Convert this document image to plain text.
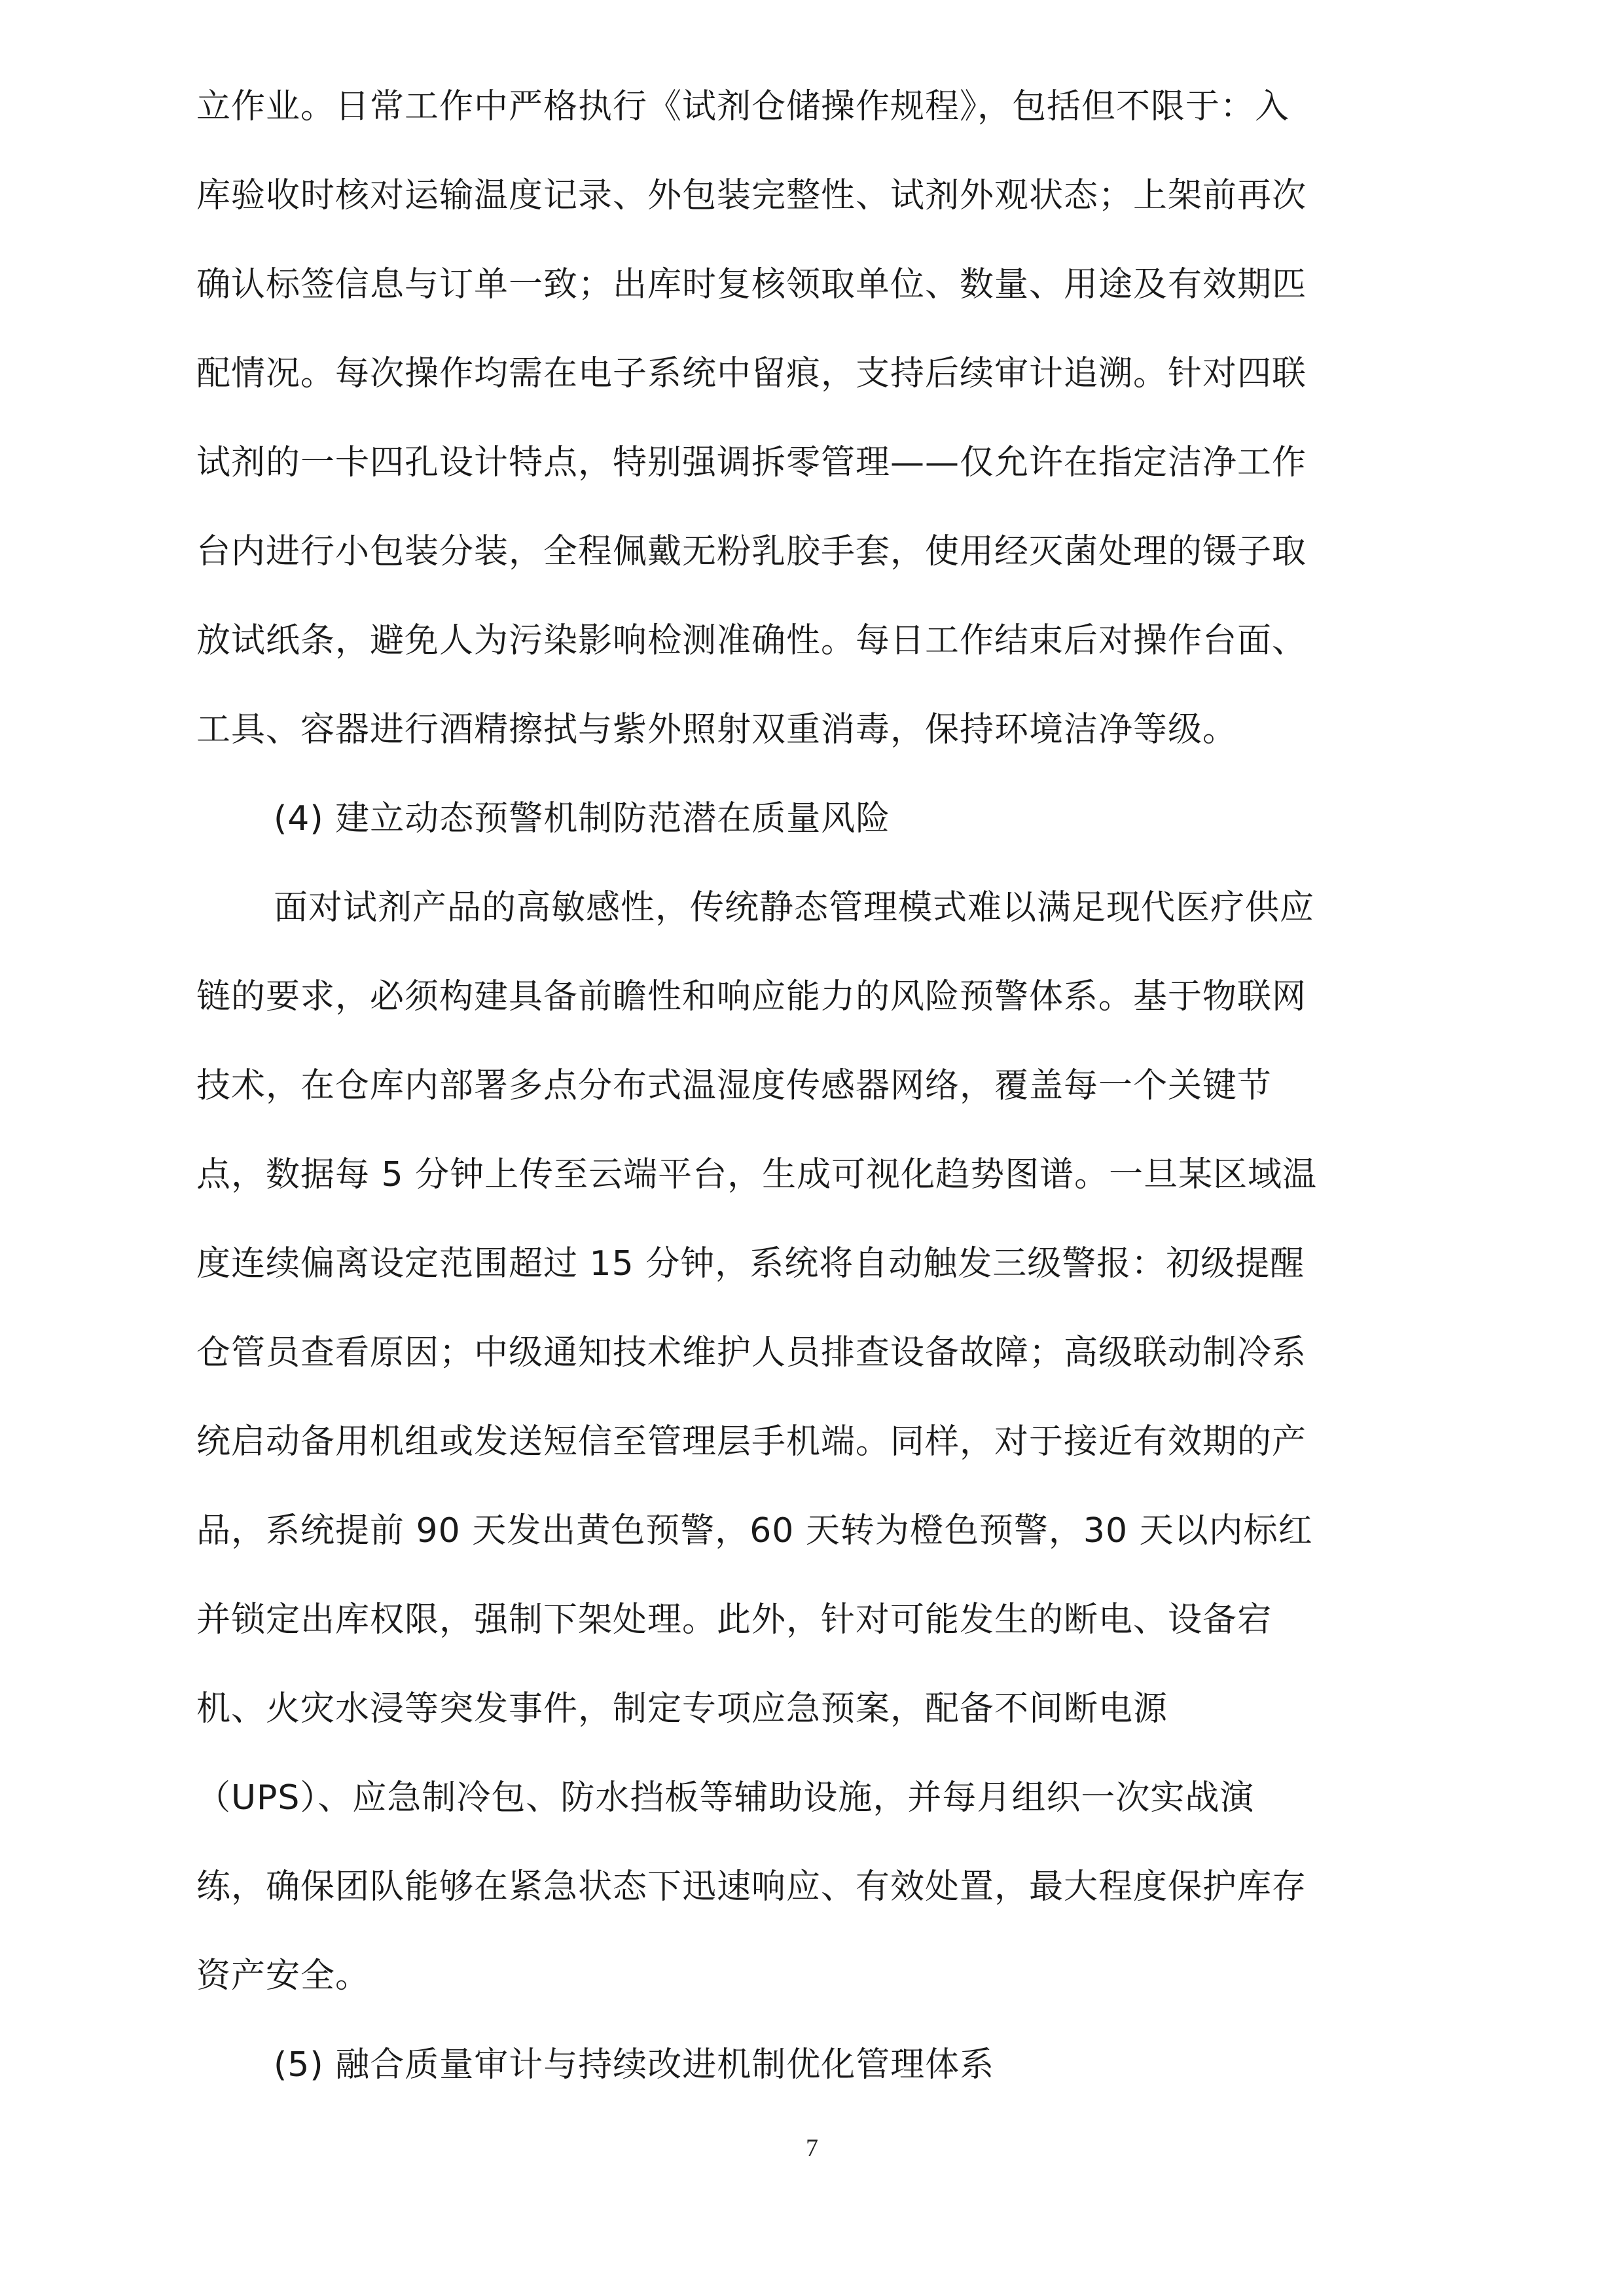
立作业。日常工作中严格执行《试剂仓储操作规程》，包括但不限于：入
库验收时核对运输温度记录、外包装完整性、试剂外观状态；上架前再次
确认标签信息与订单一致；出库时复核领取单位、数量、用途及有效期匹
配情况。每次操作均需在电子系统中留痕，支持后续审计追溯。针对四联
试剂的一卡四孔设计特点，特别强调拆零管理——仅允许在指定洁净工作
台内进行小包装分装，全程佩戴无粉乳胶手套，使用经灭菌处理的镊子取
放试纸条，避免人为污染影响检测准确性。每日工作结束后对操作台面、
工具、容器进行酒精擦拭与紫外照射双重消毒，保持环境洁净等级。
(4) 建立动态预警机制防范潜在质量风险
面对试剂产品的高敏感性，传统静态管理模式难以满足现代医疗供应
链的要求，必须构建具备前瞻性和响应能力的风险预警体系。基于物联网
技术，在仓库内部署多点分布式温湿度传感器网络，覆盖每一个关键节
点，数据每 5 分钟上传至云端平台，生成可视化趋势图谱。一旦某区域温
度连续偏离设定范围超过 15 分钟，系统将自动触发三级警报：初级提醒
仓管员查看原因；中级通知技术维护人员排查设备故障；高级联动制冷系
统启动备用机组或发送短信至管理层手机端。同样，对于接近有效期的产
品，系统提前 90 天发出黄色预警，60 天转为橙色预警，30 天以内标红
并锁定出库权限，强制下架处理。此外，针对可能发生的断电、设备宕
机、火灾水浸等突发事件，制定专项应急预案，配备不间断电源
（UPS）、应急制冷包、防水挡板等辅助设施，并每月组织一次实战演
练，确保团队能够在紧急状态下迅速响应、有效处置，最大程度保护库存
资产安全。
(5) 融合质量审计与持续改进机制优化管理体系
7
